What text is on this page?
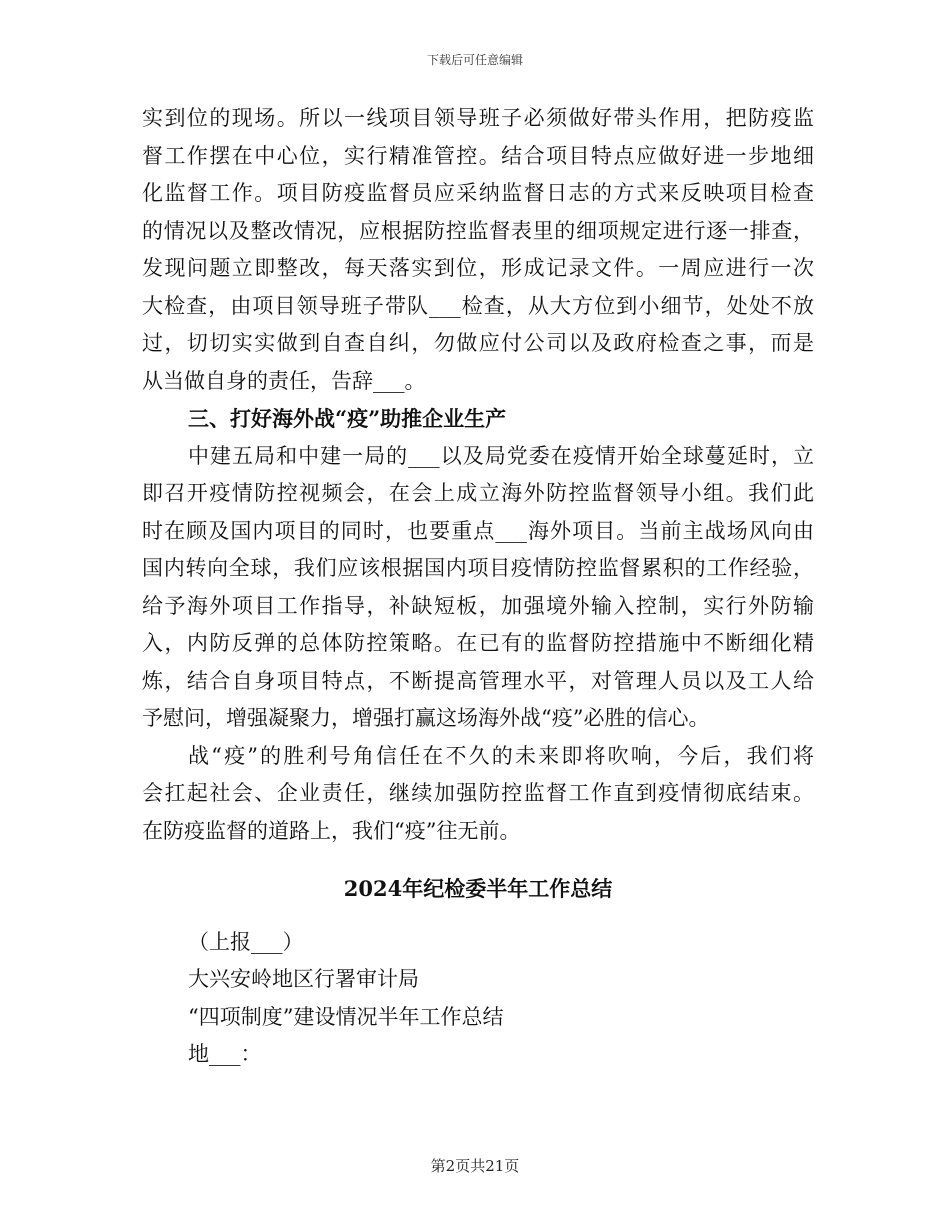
下载后可任意编辑
实到位的现场。所以一线项目领导班子必须做好带头作用，把防疫监
督工作摆在中心位，实行精准管控。结合项目特点应做好进一步地细
化监督工作。项目防疫监督员应采纳监督日志的方式来反映项目检查
的情况以及整改情况，应根据防控监督表里的细项规定进行逐一排查，
发现问题立即整改，每天落实到位，形成记录文件。一周应进行一次
大检查，由项目领导班子带队___检查，从大方位到小细节，处处不放
过，切切实实做到自查自纠，勿做应付公司以及政府检查之事，而是
从当做自身的责任，告辞___。
三、打好海外战“疫”助推企业生产
中建五局和中建一局的___以及局党委在疫情开始全球蔓延时，立
即召开疫情防控视频会，在会上成立海外防控监督领导小组。我们此
时在顾及国内项目的同时，也要重点___海外项目。当前主战场风向由
国内转向全球，我们应该根据国内项目疫情防控监督累积的工作经验，
给予海外项目工作指导，补缺短板，加强境外输入控制，实行外防输
入，内防反弹的总体防控策略。在已有的监督防控措施中不断细化精
炼，结合自身项目特点，不断提高管理水平，对管理人员以及工人给
予慰问，增强凝聚力，增强打赢这场海外战“疫”必胜的信心。
战“疫”的胜利号角信任在不久的未来即将吹响，今后，我们将
会扛起社会、企业责任，继续加强防控监督工作直到疫情彻底结束。
在防疫监督的道路上，我们“疫”往无前。
2024年纪检委半年工作总结
（上报___）
大兴安岭地区行署审计局
“四项制度”建设情况半年工作总结
地___：
第2页共21页
